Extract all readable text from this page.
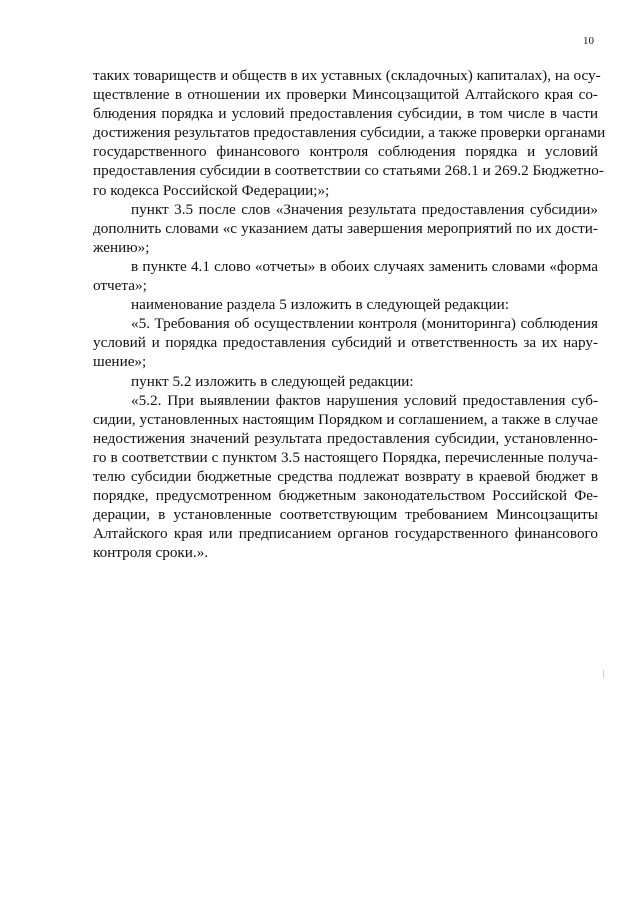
10
таких товариществ и обществ в их уставных (складочных) капиталах), на осу-
ществление в отношении их проверки Минсоцзащитой Алтайского края со-
блюдения порядка и условий предоставления субсидии, в том числе в части
достижения результатов предоставления субсидии, а также проверки органами
государственного финансового контроля соблюдения порядка и условий
предоставления субсидии в соответствии со статьями 268.1 и 269.2 Бюджетно-
го кодекса Российской Федерации;»;
пункт 3.5 после слов «Значения результата предоставления субсидии»
дополнить словами «с указанием даты завершения мероприятий по их дости-
жению»;
в пункте 4.1 слово «отчеты» в обоих случаях заменить словами «форма
отчета»;
наименование раздела 5 изложить в следующей редакции:
«5. Требования об осуществлении контроля (мониторинга) соблюдения
условий и порядка предоставления субсидий и ответственность за их нару-
шение»;
пункт 5.2 изложить в следующей редакции:
«5.2. При выявлении фактов нарушения условий предоставления суб-
сидии, установленных настоящим Порядком и соглашением, а также в случае
недостижения значений результата предоставления субсидии, установленно-
го в соответствии с пунктом 3.5 настоящего Порядка, перечисленные получа-
телю субсидии бюджетные средства подлежат возврату в краевой бюджет в
порядке, предусмотренном бюджетным законодательством Российской Фе-
дерации, в установленные соответствующим требованием Минсоцзащиты
Алтайского края или предписанием органов государственного финансового
контроля сроки.».
